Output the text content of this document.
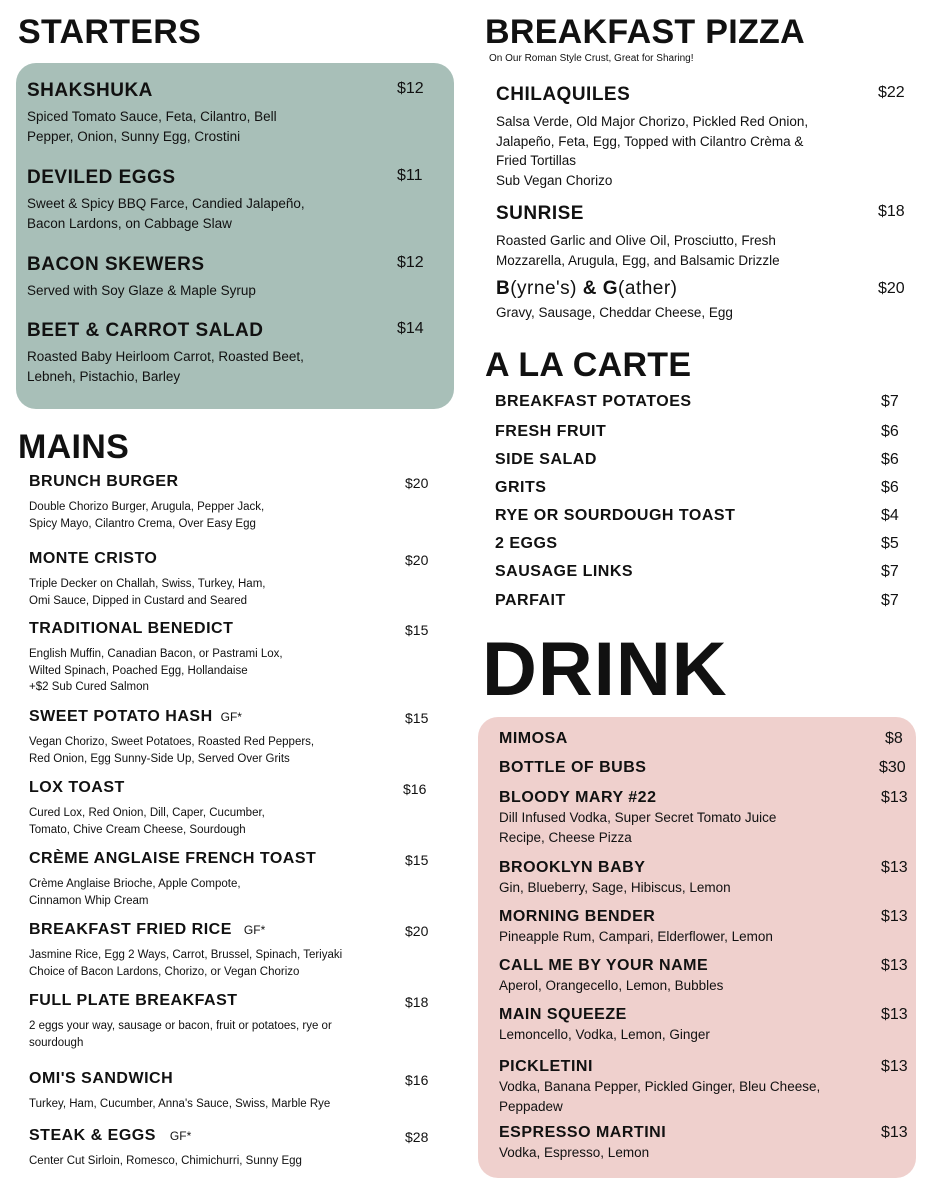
STARTERS
SHAKSHUKA	$12
Spiced Tomato Sauce, Feta, Cilantro, Bell
Pepper, Onion, Sunny Egg, Crostini
DEVILED EGGS	$11
Sweet & Spicy BBQ Farce, Candied Jalapeño,
Bacon Lardons, on Cabbage Slaw
BACON SKEWERS	$12
Served with Soy Glaze & Maple Syrup
BEET & CARROT SALAD	$14
Roasted Baby Heirloom Carrot, Roasted Beet,
Lebneh, Pistachio, Barley
MAINS
BRUNCH BURGER	$20
Double Chorizo Burger, Arugula, Pepper Jack,
Spicy Mayo, Cilantro Crema, Over Easy Egg
MONTE CRISTO	$20
Triple Decker on Challah, Swiss, Turkey, Ham,
Omi Sauce, Dipped in Custard and Seared
TRADITIONAL BENEDICT	$15
English Muffin, Canadian Bacon, or Pastrami Lox,
Wilted Spinach, Poached Egg, Hollandaise
+$2 Sub Cured Salmon
SWEET POTATO HASH GF*	$15
Vegan Chorizo, Sweet Potatoes, Roasted Red Peppers,
Red Onion, Egg Sunny-Side Up, Served Over Grits
LOX TOAST	$16
Cured Lox, Red Onion, Dill, Caper, Cucumber,
Tomato, Chive Cream Cheese, Sourdough
CRÈME ANGLAISE FRENCH TOAST	$15
Crème Anglaise Brioche, Apple Compote,
Cinnamon Whip Cream
BREAKFAST FRIED RICE GF*	$20
Jasmine Rice, Egg 2 Ways, Carrot, Brussel, Spinach, Teriyaki
Choice of Bacon Lardons, Chorizo, or Vegan Chorizo
FULL PLATE BREAKFAST	$18
2 eggs your way, sausage or bacon, fruit or potatoes, rye or
sourdough
OMI'S SANDWICH	$16
Turkey, Ham, Cucumber, Anna's Sauce, Swiss, Marble Rye
STEAK & EGGS GF*	$28
Center Cut Sirloin, Romesco, Chimichurri, Sunny Egg
BREAKFAST PIZZA
On Our Roman Style Crust, Great for Sharing!
CHILAQUILES	$22
Salsa Verde, Old Major Chorizo, Pickled Red Onion,
Jalapeño, Feta, Egg, Topped with Cilantro Crèma &
Fried Tortillas
Sub Vegan Chorizo
SUNRISE	$18
Roasted Garlic and Olive Oil, Prosciutto, Fresh
Mozzarella, Arugula, Egg, and Balsamic Drizzle
B(yrne's) & G(ather)	$20
Gravy, Sausage, Cheddar Cheese, Egg
A LA CARTE
BREAKFAST POTATOES	$7
FRESH FRUIT	$6
SIDE SALAD	$6
GRITS	$6
RYE OR SOURDOUGH TOAST	$4
2 EGGS	$5
SAUSAGE LINKS	$7
PARFAIT	$7
DRINK
MIMOSA	$8
BOTTLE OF BUBS	$30
BLOODY MARY #22	$13
Dill Infused Vodka, Super Secret Tomato Juice
Recipe, Cheese Pizza
BROOKLYN BABY	$13
Gin, Blueberry, Sage, Hibiscus, Lemon
MORNING BENDER	$13
Pineapple Rum, Campari, Elderflower, Lemon
CALL ME BY YOUR NAME	$13
Aperol, Orangecello, Lemon, Bubbles
MAIN SQUEEZE	$13
Lemoncello, Vodka, Lemon, Ginger
PICKLETINI	$13
Vodka, Banana Pepper, Pickled Ginger, Bleu Cheese,
Peppadew
ESPRESSO MARTINI	$13
Vodka, Espresso, Lemon
